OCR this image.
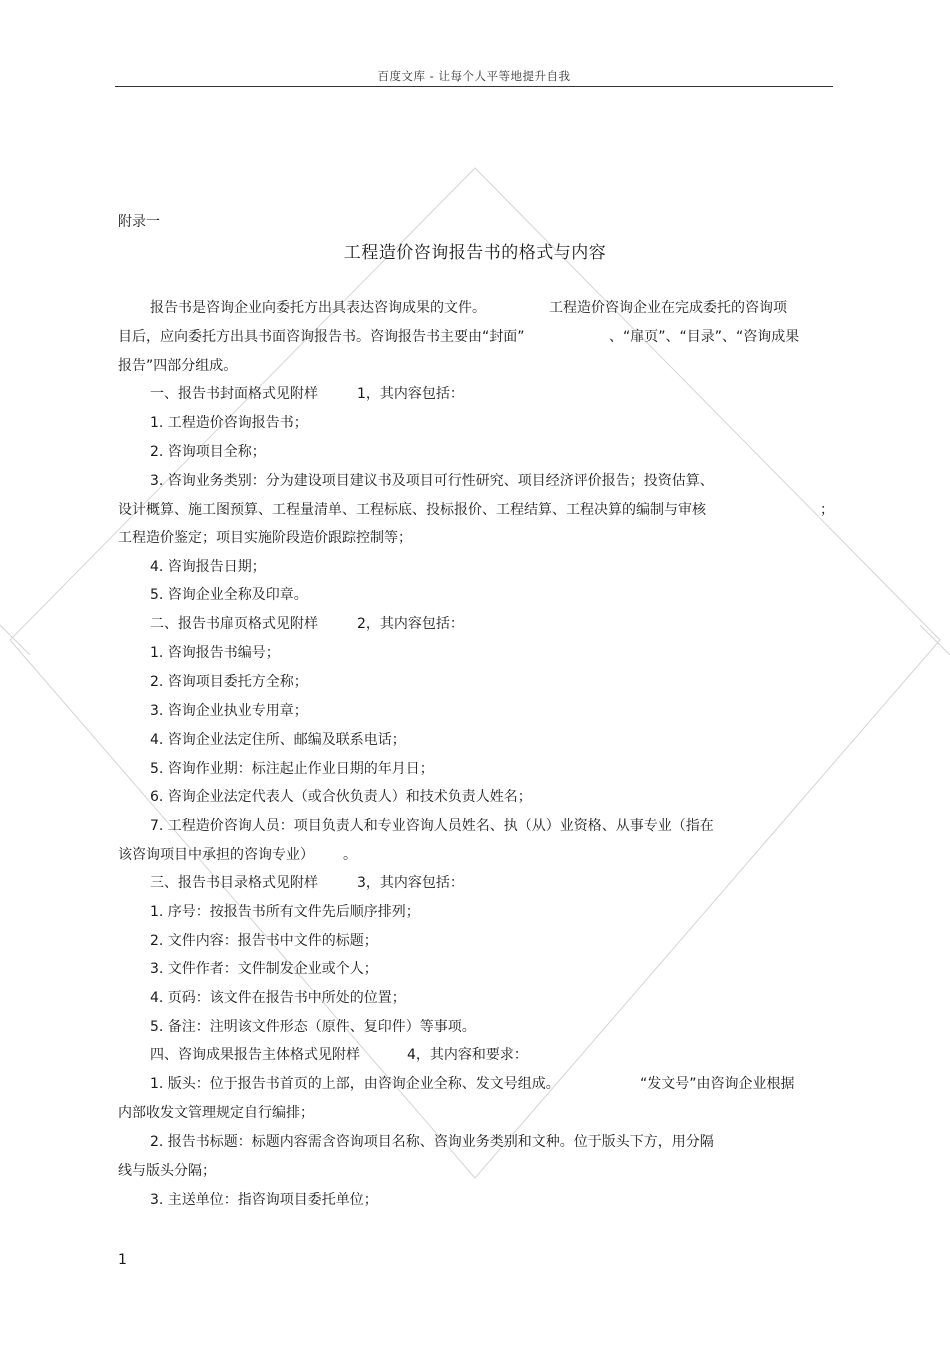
百度文库 - 让每个人平等地提升自我
附录一
工程造价咨询报告书的格式与内容
报告书是咨询企业向委托方出具表达咨询成果的文件。	工程造价咨询企业在完成委托的咨询项
目后，应向委托方出具书面咨询报告书。咨询报告书主要由“封面”	、“扉页”、“目录”、“咨询成果
报告”四部分组成。
一、报告书封面格式见附样	1，其内容包括：
1. 工程造价咨询报告书；
2. 咨询项目全称；
3. 咨询业务类别：分为建设项目建议书及项目可行性研究、项目经济评价报告；投资估算、
设计概算、施工图预算、工程量清单、工程标底、投标报价、工程结算、工程决算的编制与审核	；
工程造价鉴定；项目实施阶段造价跟踪控制等；
4. 咨询报告日期；
5. 咨询企业全称及印章。
二、报告书扉页格式见附样	2，其内容包括：
1. 咨询报告书编号；
2. 咨询项目委托方全称；
3. 咨询企业执业专用章；
4. 咨询企业法定住所、邮编及联系电话；
5. 咨询作业期：标注起止作业日期的年月日；
6. 咨询企业法定代表人（或合伙负责人）和技术负责人姓名；
7. 工程造价咨询人员：项目负责人和专业咨询人员姓名、执（从）业资格、从事专业（指在
该咨询项目中承担的咨询专业） 。
三、报告书目录格式见附样	3，其内容包括：
1. 序号：按报告书所有文件先后顺序排列；
2. 文件内容：报告书中文件的标题；
3. 文件作者：文件制发企业或个人；
4. 页码：该文件在报告书中所处的位置；
5. 备注：注明该文件形态（原件、复印件）等事项。
四、咨询成果报告主体格式见附样	4，其内容和要求：
1. 版头：位于报告书首页的上部，由咨询企业全称、发文号组成。	“发文号”由咨询企业根据
内部收发文管理规定自行编排；
2. 报告书标题：标题内容需含咨询项目名称、咨询业务类别和文种。位于版头下方，用分隔
线与版头分隔；
3. 主送单位：指咨询项目委托单位；
1
